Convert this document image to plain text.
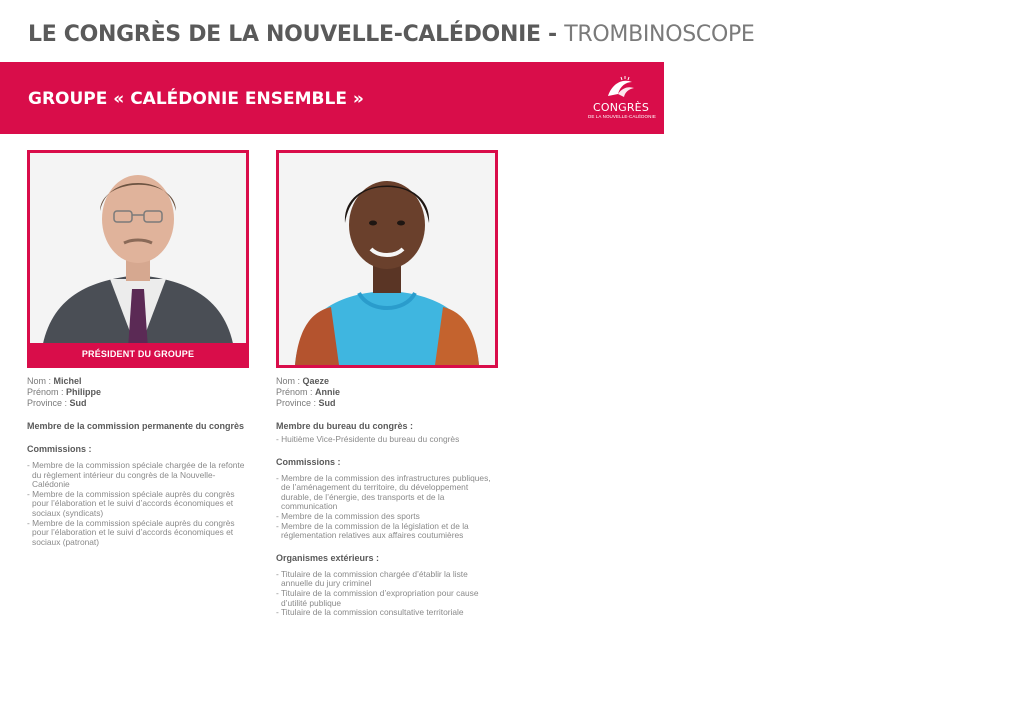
LE CONGRÈS DE LA NOUVELLE-CALÉDONIE - TROMBINOSCOPE
GROUPE « CALÉDONIE ENSEMBLE »	CONGRÈS
DE LA NOUVELLE-CALÉDONIE
PRÉSIDENT DU GROUPE
Nom : Michel
Prénom : Philippe
Province : Sud
Membre de la commission permanente du congrès
Commissions :
- Membre de la commission spéciale chargée de la refonte du règlement intérieur du congrès de la Nouvelle-Calédonie
- Membre de la commission spéciale auprès du congrès pour l’élaboration et le suivi d’accords économiques et sociaux (syndicats)
- Membre de la commission spéciale auprès du congrès pour l’élaboration et le suivi d’accords économiques et sociaux (patronat)
Nom : Qaeze
Prénom : Annie
Province : Sud
Membre du bureau du congrès :
- Huitième Vice-Présidente du bureau du congrès
Commissions :
- Membre de la commission des infrastructures publiques, de l’aménagement du territoire, du développement durable, de l’énergie, des transports et de la communication
- Membre de la commission des sports
- Membre de la commission de la législation et de la réglementation relatives aux affaires coutumières
Organismes extérieurs :
- Titulaire de la commission chargée d’établir la liste annuelle du jury criminel
- Titulaire de la commission d’expropriation pour cause d’utilité publique
- Titulaire de la commission consultative territoriale
